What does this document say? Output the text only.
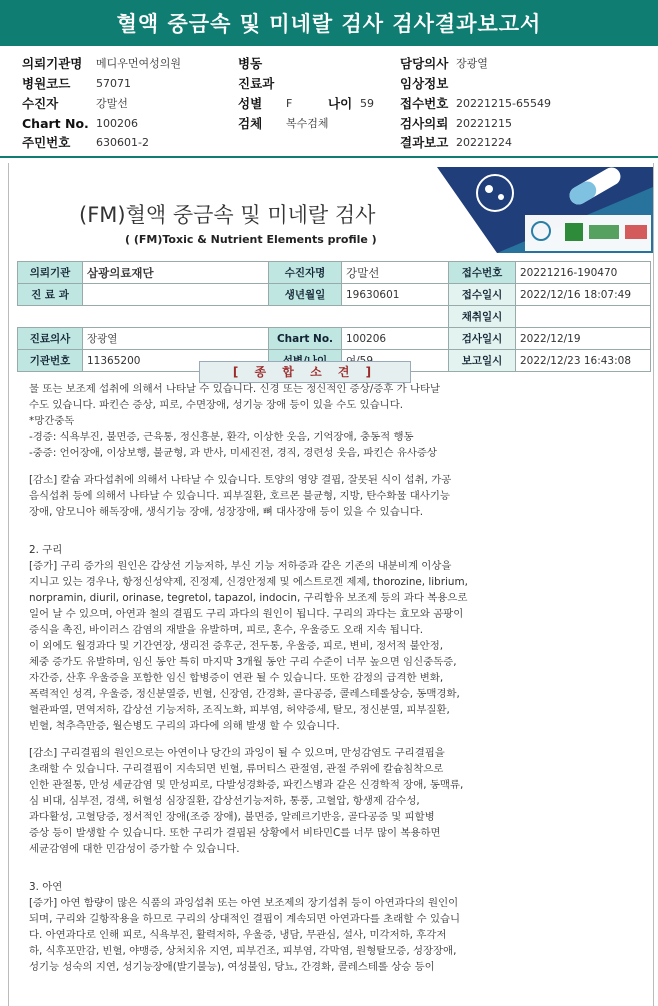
혈액 중금속 및 미네랄 검사 검사결과보고서
의뢰기관명 메디우먼여성의원	병동	담당의사 장광열
병원코드 57071	진료과	임상정보
수진자	강말선	성별 F	나이 59 접수번호 20221215-65549
Chart No. 100206	검체 복수검체	검사의뢰 20221215
주민번호 630601-2	결과보고 20221224
(FM)혈액 중금속 및 미네랄 검사
( (FM)Toxic & Nutrient Elements profile )
의뢰기관	삼광의료재단	수진자명	강말선	접수번호	20221216-190470
진 료 과		생년월일	19630601	접수일시	2022/12/16 18:07:49
				채취일시	
진료의사	장광열	Chart No.	100206	검사일시	2022/12/19
기관번호	11365200			보고일시	2022/12/23 16:43:08
[ 종 합 소 견 ]

물 또는 보조제 섭취에 의해서 나타날 수 있습니다. 신경 또는 정신적인 증상/증후 가 나타날

수도 있습니다. 파킨슨 증상, 피로, 수면장애, 성기능 장애 등이 있을 수도 있습니다.

*망간중독

-경증: 식욕부진, 불면증, 근육통, 정신흥분, 환각, 이상한 웃음, 기억장애, 충동적 행동

-중증: 언어장애, 이상보행, 불균형, 과 반사, 미세진전, 경직, 경련성 웃음, 파킨슨 유사증상

[감소] 칼슘 과다섭취에 의해서 나타날 수 있습니다. 토양의 영양 결핍, 잘못된 식이 섭취, 가공

음식섭취 등에 의해서 나타날 수 있습니다. 피부질환, 호르몬 불균형, 지방, 탄수화물 대사기능

장애, 암모니아 해독장애, 생식기능 장애, 성장장애, 뼈 대사장애 등이 있을 수 있습니다.

2. 구리

[증가] 구리 증가의 원인은 갑상선 기능저하, 부신 기능 저하증과 같은 기존의 내분비계 이상을

지니고 있는 경우나, 항정신성약제, 진정제, 신경안정제 및 에스트로겐 제제, thorozine, librium,

norpramin, diuril, orinase, tegretol, tapazol, indocin, 구리함유 보조제 등의 과다 복용으로

일어 날 수 있으며, 아연과 철의 결핍도 구리 과다의 원인이 됩니다. 구리의 과다는 효모와 곰팡이

증식을 촉진, 바이러스 감염의 재발을 유발하며, 피로, 혼수, 우울증도 오래 지속 됩니다.

이 외에도 월경과다 및 기간연장, 생리전 증후군, 전두통, 우울증, 피로, 변비, 정서적 불안정,

체중 증가도 유발하며, 임신 동안 특히 마지막 3개월 동안 구리 수준이 너무 높으면 임신중독증,

자간증, 산후 우울증을 포함한 임신 합병증이 연관 될 수 있습니다. 또한 감정의 급격한 변화,

폭력적인 성격, 우울증, 정신분열증, 빈혈, 신장염, 간경화, 골다공증, 콜레스테롤상승, 동맥경화,

혈관파열, 면역저하, 갑상선 기능저하, 조직노화, 피부염, 허약증세, 탈모, 정신분열, 피부질환,

빈혈, 척추측만증, 월슨병도 구리의 과다에 의해 발생 할 수 있습니다.

[감소] 구리결핍의 원인으로는 아연이나 당간의 과잉이 될 수 있으며, 만성감염도 구리결핍을

초래할 수 있습니다. 구리결핍이 지속되면 빈혈, 류머티스 관절염, 관절 주위에 칼슘침착으로

인한 관절통, 만성 세균감염 및 만성피로, 다발성경화증, 파킨스병과 같은 신경학적 장애, 동맥류,

심 비대, 심부전, 경색, 허혈성 심장질환, 갑상선기능저하, 통풍, 고혈압, 항생제 감수성,

과다활성, 고혈당증, 정서적인 장애(조증 장애), 불면증, 알레르기반응, 골다공증 및 피할병

증상 등이 발생할 수 있습니다. 또한 구리가 결핍된 상황에서 비타민C를 너무 많이 복용하면

세균감염에 대한 민감성이 증가할 수 있습니다.

3. 아연

[증가] 아연 함량이 많은 식품의 과잉섭취 또는 아연 보조제의 장기섭취 등이 아연과다의 원인이

되며, 구리와 길항작용을 하므로 구리의 상대적인 결핍이 계속되면 아연과다를 초래할 수 있습니

다. 아연과다로 인해 피로, 식욕부진, 활력저하, 우울증, 냉담, 무관심, 설사, 미각저하, 후각저

하, 식후포만감, 빈혈, 야맹증, 상처치유 지연, 피부건조, 피부염, 각막염, 원형탈모증, 성장장애,

성기능 성숙의 지연, 성기능장애(발기불능), 여성불임, 당뇨, 간경화, 콜레스테롤 상승 등이
